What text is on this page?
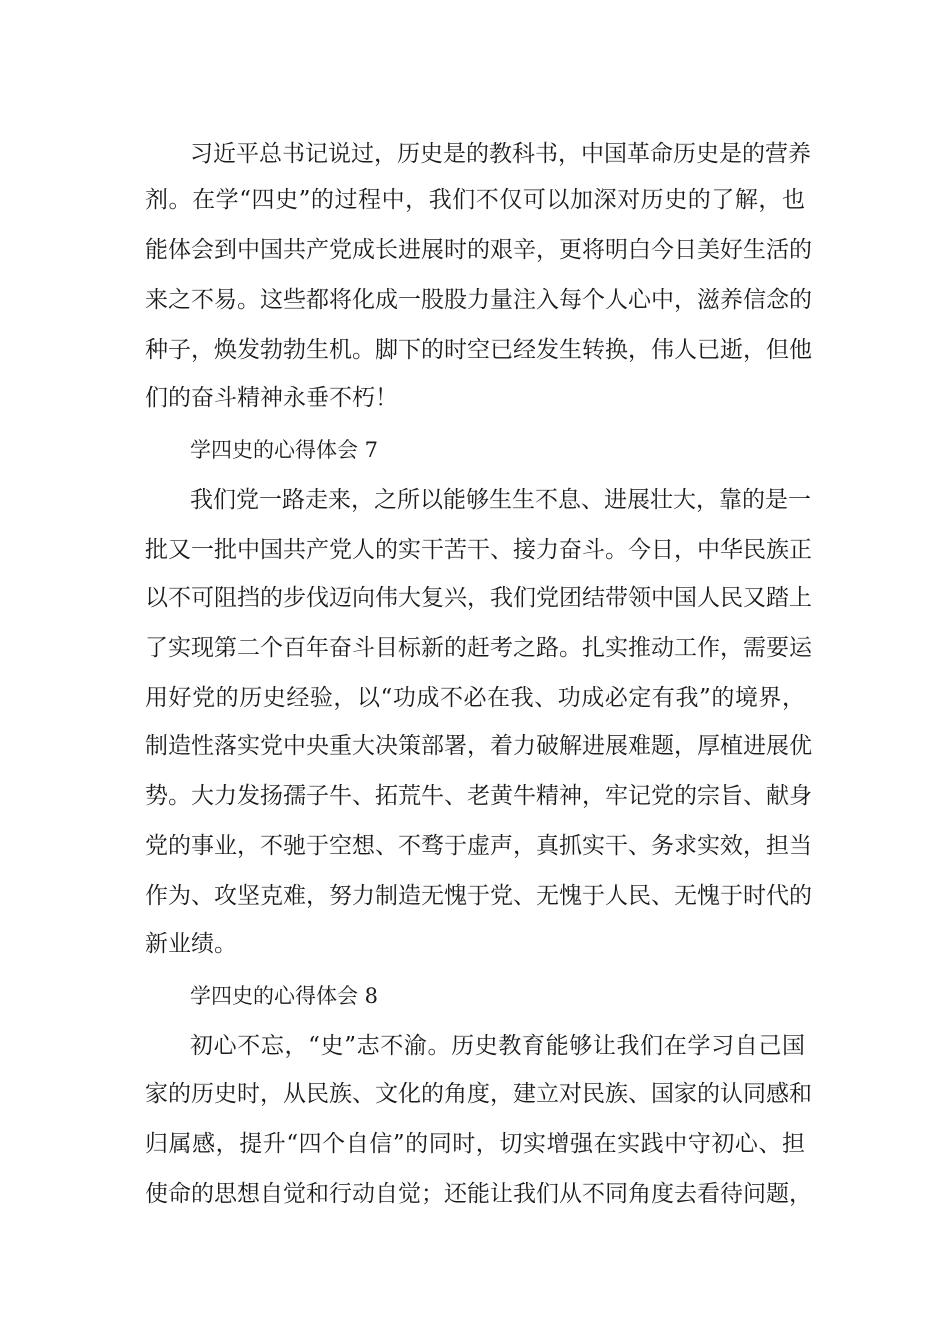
习近平总书记说过，历史是的教科书，中国革命历史是的营养
剂。在学“四史”的过程中，我们不仅可以加深对历史的了解，也
能体会到中国共产党成长进展时的艰辛，更将明白今日美好生活的
来之不易。这些都将化成一股股力量注入每个人心中，滋养信念的
种子，焕发勃勃生机。脚下的时空已经发生转换，伟人已逝，但他
们的奋斗精神永垂不朽！
学四史的心得体会 7
我们党一路走来，之所以能够生生不息、进展壮大，靠的是一
批又一批中国共产党人的实干苦干、接力奋斗。今日，中华民族正
以不可阻挡的步伐迈向伟大复兴，我们党团结带领中国人民又踏上
了实现第二个百年奋斗目标新的赶考之路。扎实推动工作，需要运
用好党的历史经验，以“功成不必在我、功成必定有我”的境界，
制造性落实党中央重大决策部署，着力破解进展难题，厚植进展优
势。大力发扬孺子牛、拓荒牛、老黄牛精神，牢记党的宗旨、献身
党的事业，不驰于空想、不骛于虚声，真抓实干、务求实效，担当
作为、攻坚克难，努力制造无愧于党、无愧于人民、无愧于时代的
新业绩。
学四史的心得体会 8
初心不忘，“史”志不渝。历史教育能够让我们在学习自己国
家的历史时，从民族、文化的角度，建立对民族、国家的认同感和
归属感，提升“四个自信”的同时，切实增强在实践中守初心、担
使命的思想自觉和行动自觉；还能让我们从不同角度去看待问题，
